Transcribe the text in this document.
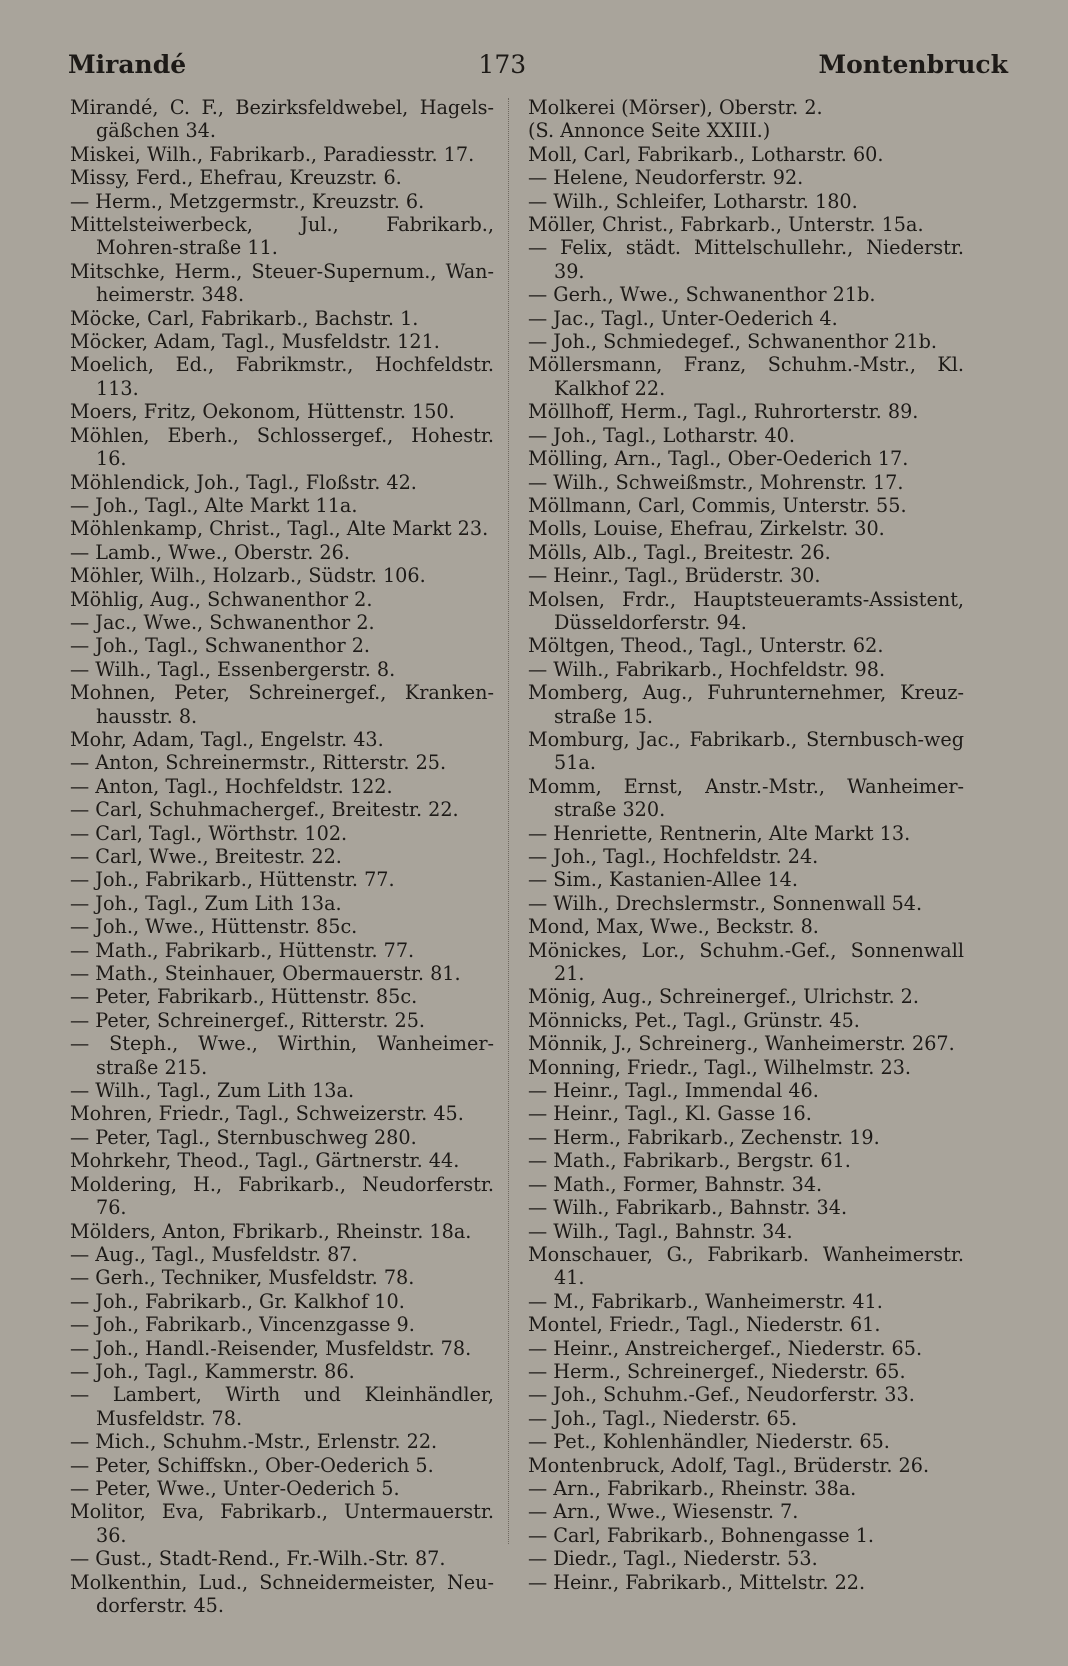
Mirandé	173	Montenbruck

Mirandé, C. F., Bezirksfeldwebel, Hagels-gäßchen 34.

Miskei, Wilh., Fabrikarb., Paradiesstr. 17.

Missy, Ferd., Ehefrau, Kreuzstr. 6.

— Herm., Metzgermstr., Kreuzstr. 6.

Mittelsteiwerbeck, Jul., Fabrikarb., Mohren-straße 11.

Mitschke, Herm., Steuer-Supernum., Wan-heimerstr. 348.

Möcke, Carl, Fabrikarb., Bachstr. 1.

Möcker, Adam, Tagl., Musfeldstr. 121.

Moelich, Ed., Fabrikmstr., Hochfeldstr. 113.

Moers, Fritz, Oekonom, Hüttenstr. 150.

Möhlen, Eberh., Schlossergef., Hohestr. 16.

Möhlendick, Joh., Tagl., Floßstr. 42.

— Joh., Tagl., Alte Markt 11a.

Möhlenkamp, Christ., Tagl., Alte Markt 23.

— Lamb., Wwe., Oberstr. 26.

Möhler, Wilh., Holzarb., Südstr. 106.

Möhlig, Aug., Schwanenthor 2.

— Jac., Wwe., Schwanenthor 2.

— Joh., Tagl., Schwanenthor 2.

— Wilh., Tagl., Essenbergerstr. 8.

Mohnen, Peter, Schreinergef., Kranken-hausstr. 8.

Mohr, Adam, Tagl., Engelstr. 43.

— Anton, Schreinermstr., Ritterstr. 25.

— Anton, Tagl., Hochfeldstr. 122.

— Carl, Schuhmachergef., Breitestr. 22.

— Carl, Tagl., Wörthstr. 102.

— Carl, Wwe., Breitestr. 22.

— Joh., Fabrikarb., Hüttenstr. 77.

— Joh., Tagl., Zum Lith 13a.

— Joh., Wwe., Hüttenstr. 85c.

— Math., Fabrikarb., Hüttenstr. 77.

— Math., Steinhauer, Obermauerstr. 81.

— Peter, Fabrikarb., Hüttenstr. 85c.

— Peter, Schreinergef., Ritterstr. 25.

— Steph., Wwe., Wirthin, Wanheimer-straße 215.

— Wilh., Tagl., Zum Lith 13a.

Mohren, Friedr., Tagl., Schweizerstr. 45.

— Peter, Tagl., Sternbuschweg 280.

Mohrkehr, Theod., Tagl., Gärtnerstr. 44.

Moldering, H., Fabrikarb., Neudorferstr. 76.

Mölders, Anton, Fbrikarb., Rheinstr. 18a.

— Aug., Tagl., Musfeldstr. 87.

— Gerh., Techniker, Musfeldstr. 78.

— Joh., Fabrikarb., Gr. Kalkhof 10.

— Joh., Fabrikarb., Vincenzgasse 9.

— Joh., Handl.-Reisender, Musfeldstr. 78.

— Joh., Tagl., Kammerstr. 86.

— Lambert, Wirth und Kleinhändler, Musfeldstr. 78.

— Mich., Schuhm.-Mstr., Erlenstr. 22.

— Peter, Schiffskn., Ober-Oederich 5.

— Peter, Wwe., Unter-Oederich 5.

Molitor, Eva, Fabrikarb., Untermauerstr. 36.

— Gust., Stadt-Rend., Fr.-Wilh.-Str. 87.

Molkenthin, Lud., Schneidermeister, Neu-dorferstr. 45.

Molkerei (Mörser), Oberstr. 2.

(S. Annonce Seite XXIII.)

Moll, Carl, Fabrikarb., Lotharstr. 60.

— Helene, Neudorferstr. 92.

— Wilh., Schleifer, Lotharstr. 180.

Möller, Christ., Fabrkarb., Unterstr. 15a.

— Felix, städt. Mittelschullehr., Niederstr. 39.

— Gerh., Wwe., Schwanenthor 21b.

— Jac., Tagl., Unter-Oederich 4.

— Joh., Schmiedegef., Schwanenthor 21b.

Möllersmann, Franz, Schuhm.-Mstr., Kl. Kalkhof 22.

Möllhoff, Herm., Tagl., Ruhrorterstr. 89.

— Joh., Tagl., Lotharstr. 40.

Mölling, Arn., Tagl., Ober-Oederich 17.

— Wilh., Schweißmstr., Mohrenstr. 17.

Möllmann, Carl, Commis, Unterstr. 55.

Molls, Louise, Ehefrau, Zirkelstr. 30.

Mölls, Alb., Tagl., Breitestr. 26.

— Heinr., Tagl., Brüderstr. 30.

Molsen, Frdr., Hauptsteueramts-Assistent, Düsseldorferstr. 94.

Möltgen, Theod., Tagl., Unterstr. 62.

— Wilh., Fabrikarb., Hochfeldstr. 98.

Momberg, Aug., Fuhrunternehmer, Kreuz-straße 15.

Momburg, Jac., Fabrikarb., Sternbusch-weg 51a.

Momm, Ernst, Anstr.-Mstr., Wanheimer-straße 320.

— Henriette, Rentnerin, Alte Markt 13.

— Joh., Tagl., Hochfeldstr. 24.

— Sim., Kastanien-Allee 14.

— Wilh., Drechslermstr., Sonnenwall 54.

Mond, Max, Wwe., Beckstr. 8.

Mönickes, Lor., Schuhm.-Gef., Sonnenwall 21.

Mönig, Aug., Schreinergef., Ulrichstr. 2.

Mönnicks, Pet., Tagl., Grünstr. 45.

Mönnik, J., Schreinerg., Wanheimerstr. 267.

Monning, Friedr., Tagl., Wilhelmstr. 23.

— Heinr., Tagl., Immendal 46.

— Heinr., Tagl., Kl. Gasse 16.

— Herm., Fabrikarb., Zechenstr. 19.

— Math., Fabrikarb., Bergstr. 61.

— Math., Former, Bahnstr. 34.

— Wilh., Fabrikarb., Bahnstr. 34.

— Wilh., Tagl., Bahnstr. 34.

Monschauer, G., Fabrikarb. Wanheimerstr. 41.

— M., Fabrikarb., Wanheimerstr. 41.

Montel, Friedr., Tagl., Niederstr. 61.

— Heinr., Anstreichergef., Niederstr. 65.

— Herm., Schreinergef., Niederstr. 65.

— Joh., Schuhm.-Gef., Neudorferstr. 33.

— Joh., Tagl., Niederstr. 65.

— Pet., Kohlenhändler, Niederstr. 65.

Montenbruck, Adolf, Tagl., Brüderstr. 26.

— Arn., Fabrikarb., Rheinstr. 38a.

— Arn., Wwe., Wiesenstr. 7.

— Carl, Fabrikarb., Bohnengasse 1.

— Diedr., Tagl., Niederstr. 53.

— Heinr., Fabrikarb., Mittelstr. 22.
